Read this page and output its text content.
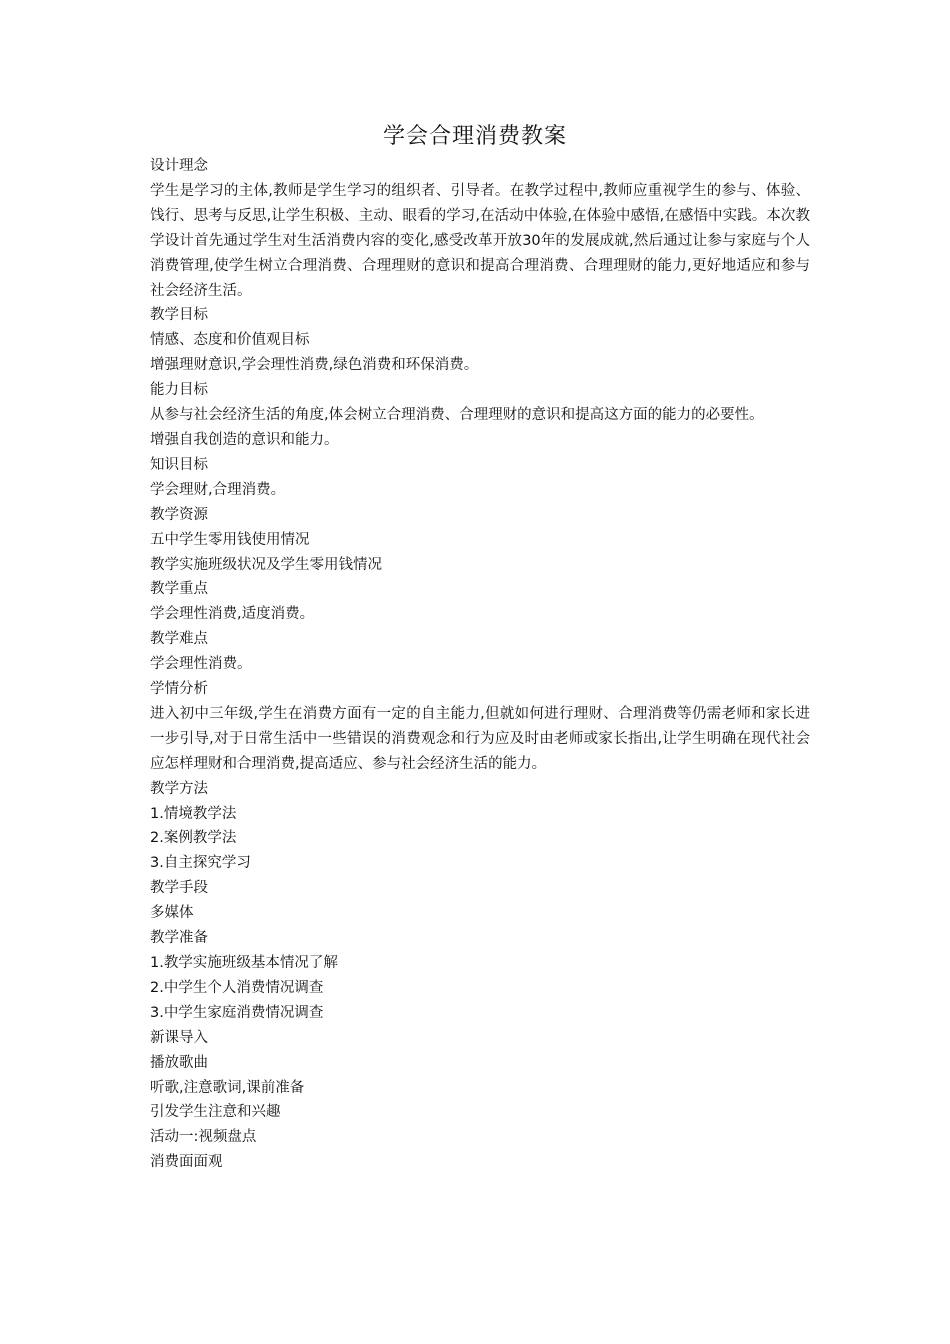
学会合理消费教案

设计理念

学生是学习的主体,教师是学生学习的组织者、引导者。在教学过程中,教师应重视学生的参与、体验、饯行、思考与反思,让学生积极、主动、眼看的学习,在活动中体验,在体验中感悟,在感悟中实践。本次教学设计首先通过学生对生活消费内容的变化,感受改革开放30年的发展成就,然后通过让参与家庭与个人消费管理,使学生树立合理消费、合理理财的意识和提高合理消费、合理理财的能力,更好地适应和参与社会经济生活。

教学目标

情感、态度和价值观目标

增强理财意识,学会理性消费,绿色消费和环保消费。

能力目标

从参与社会经济生活的角度,体会树立合理消费、合理理财的意识和提高这方面的能力的必要性。

增强自我创造的意识和能力。

知识目标

学会理财,合理消费。

教学资源

五中学生零用钱使用情况

教学实施班级状况及学生零用钱情况

教学重点

学会理性消费,适度消费。

教学难点

学会理性消费。

学情分析

进入初中三年级,学生在消费方面有一定的自主能力,但就如何进行理财、合理消费等仍需老师和家长进一步引导,对于日常生活中一些错误的消费观念和行为应及时由老师或家长指出,让学生明确在现代社会应怎样理财和合理消费,提高适应、参与社会经济生活的能力。

教学方法

1.情境教学法

2.案例教学法

3.自主探究学习

教学手段

多媒体

教学准备

1.教学实施班级基本情况了解

2.中学生个人消费情况调查

3.中学生家庭消费情况调查

新课导入

播放歌曲

听歌,注意歌词,课前准备

引发学生注意和兴趣

活动一:视频盘点

消费面面观
